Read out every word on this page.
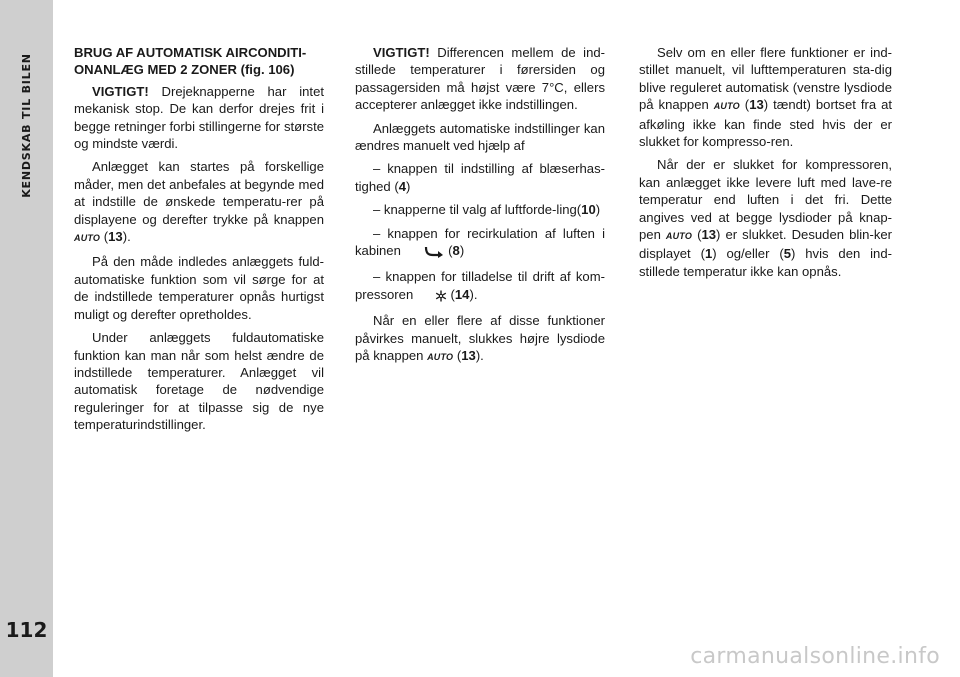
KENDSKAB TIL BILEN
112

BRUG AF AUTOMATISK AIRCONDITI-ONANLÆG MED 2 ZONER (fig. 106)

VIGTIGT! Drejeknapperne har intet mekanisk stop. De kan derfor drejes frit i begge retninger forbi stillingerne for største og mindste værdi.

Anlægget kan startes på forskellige måder, men det anbefales at begynde med at indstille de ønskede temperatu-rer på displayene og derefter trykke på knappen AUTO (13).

På den måde indledes anlæggets fuld-automatiske funktion som vil sørge for at de indstillede temperaturer opnås hurtigst muligt og derefter opretholdes.

Under anlæggets fuldautomatiske funktion kan man når som helst ændre de indstillede temperaturer. Anlægget vil automatisk foretage de nødvendige reguleringer for at tilpasse sig de nye temperaturindstillinger.

VIGTIGT! Differencen mellem de ind-stillede temperaturer i førersiden og passagersiden må højst være 7°C, ellers accepterer anlægget ikke indstillingen.

Anlæggets automatiske indstillinger kan ændres manuelt ved hjælp af

– knappen til indstilling af blæserhas-tighed (4)

– knapperne til valg af luftforde-ling(10)

– knappen for recirkulation af luften i kabinen	(8)

– knappen for tilladelse til drift af kom-pressoren  (14).

Når en eller flere af disse funktioner påvirkes manuelt, slukkes højre lysdiode på knappen AUTO (13).

Selv om en eller flere funktioner er ind-stillet manuelt, vil lufttemperaturen sta-dig blive reguleret automatisk (venstre lysdiode på knappen AUTO (13) tændt) bortset fra at afkøling ikke kan finde sted hvis der er slukket for kompresso-ren.

Når der er slukket for kompressoren, kan anlægget ikke levere luft med lave-re temperatur end luften i det fri. Dette angives ved at begge lysdioder på knap-pen AUTO (13) er slukket. Desuden blin-ker displayet (1) og/eller (5) hvis den ind-stillede temperatur ikke kan opnås.

carmanualsonline.info
